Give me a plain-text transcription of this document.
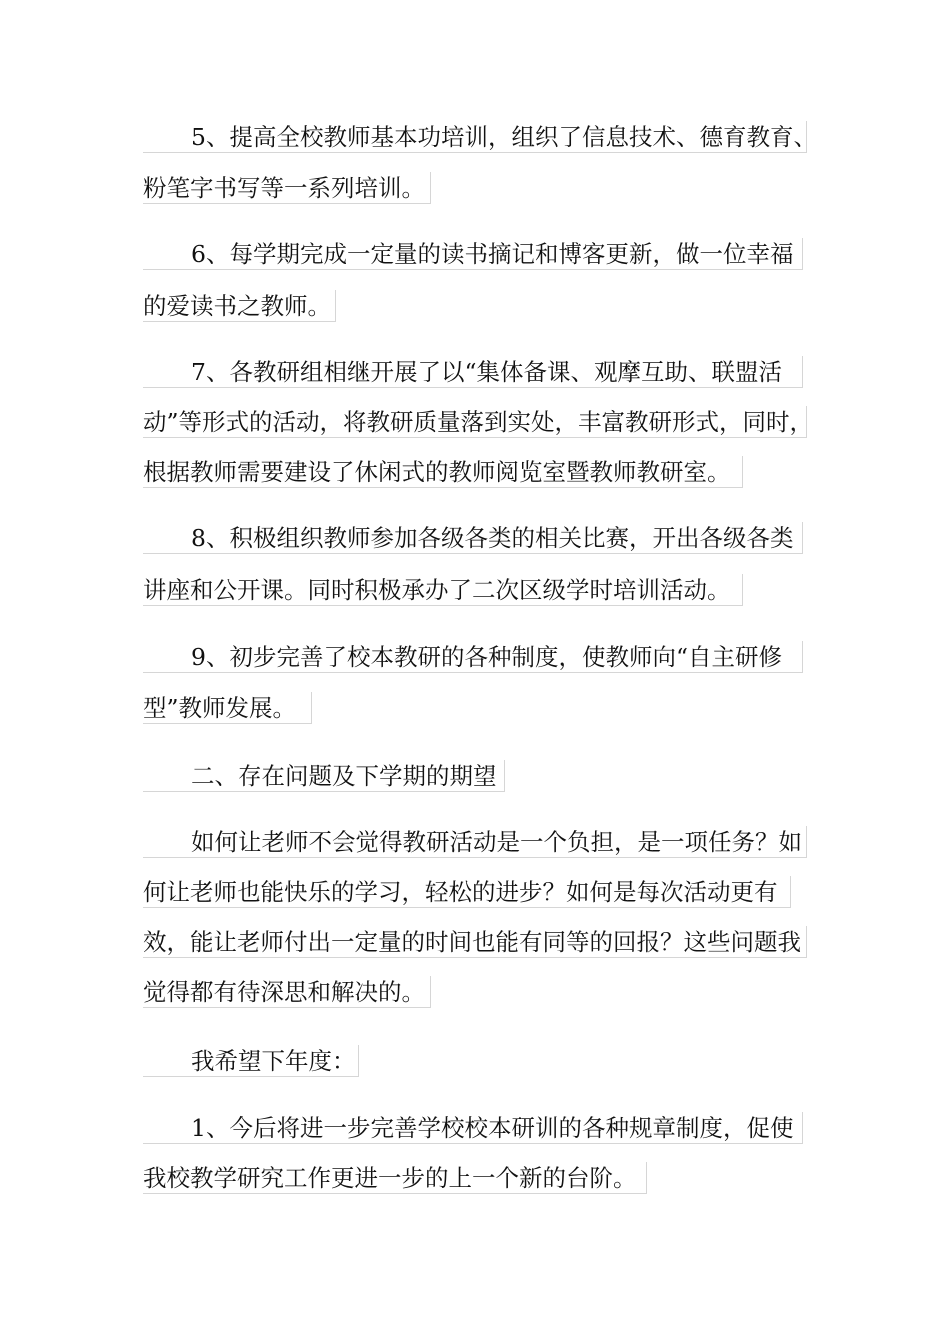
5、提高全校教师基本功培训，组织了信息技术、德育教育、
粉笔字书写等一系列培训。
6、每学期完成一定量的读书摘记和博客更新，做一位幸福
的爱读书之教师。
7、各教研组相继开展了以“集体备课、观摩互助、联盟活
动”等形式的活动，将教研质量落到实处，丰富教研形式，同时，
根据教师需要建设了休闲式的教师阅览室暨教师教研室。
8、积极组织教师参加各级各类的相关比赛，开出各级各类
讲座和公开课。同时积极承办了二次区级学时培训活动。
9、初步完善了校本教研的各种制度，使教师向“自主研修
型”教师发展。
二、存在问题及下学期的期望
如何让老师不会觉得教研活动是一个负担，是一项任务？如
何让老师也能快乐的学习，轻松的进步？如何是每次活动更有
效，能让老师付出一定量的时间也能有同等的回报？这些问题我
觉得都有待深思和解决的。
我希望下年度：
1、今后将进一步完善学校校本研训的各种规章制度，促使
我校教学研究工作更进一步的上一个新的台阶。
